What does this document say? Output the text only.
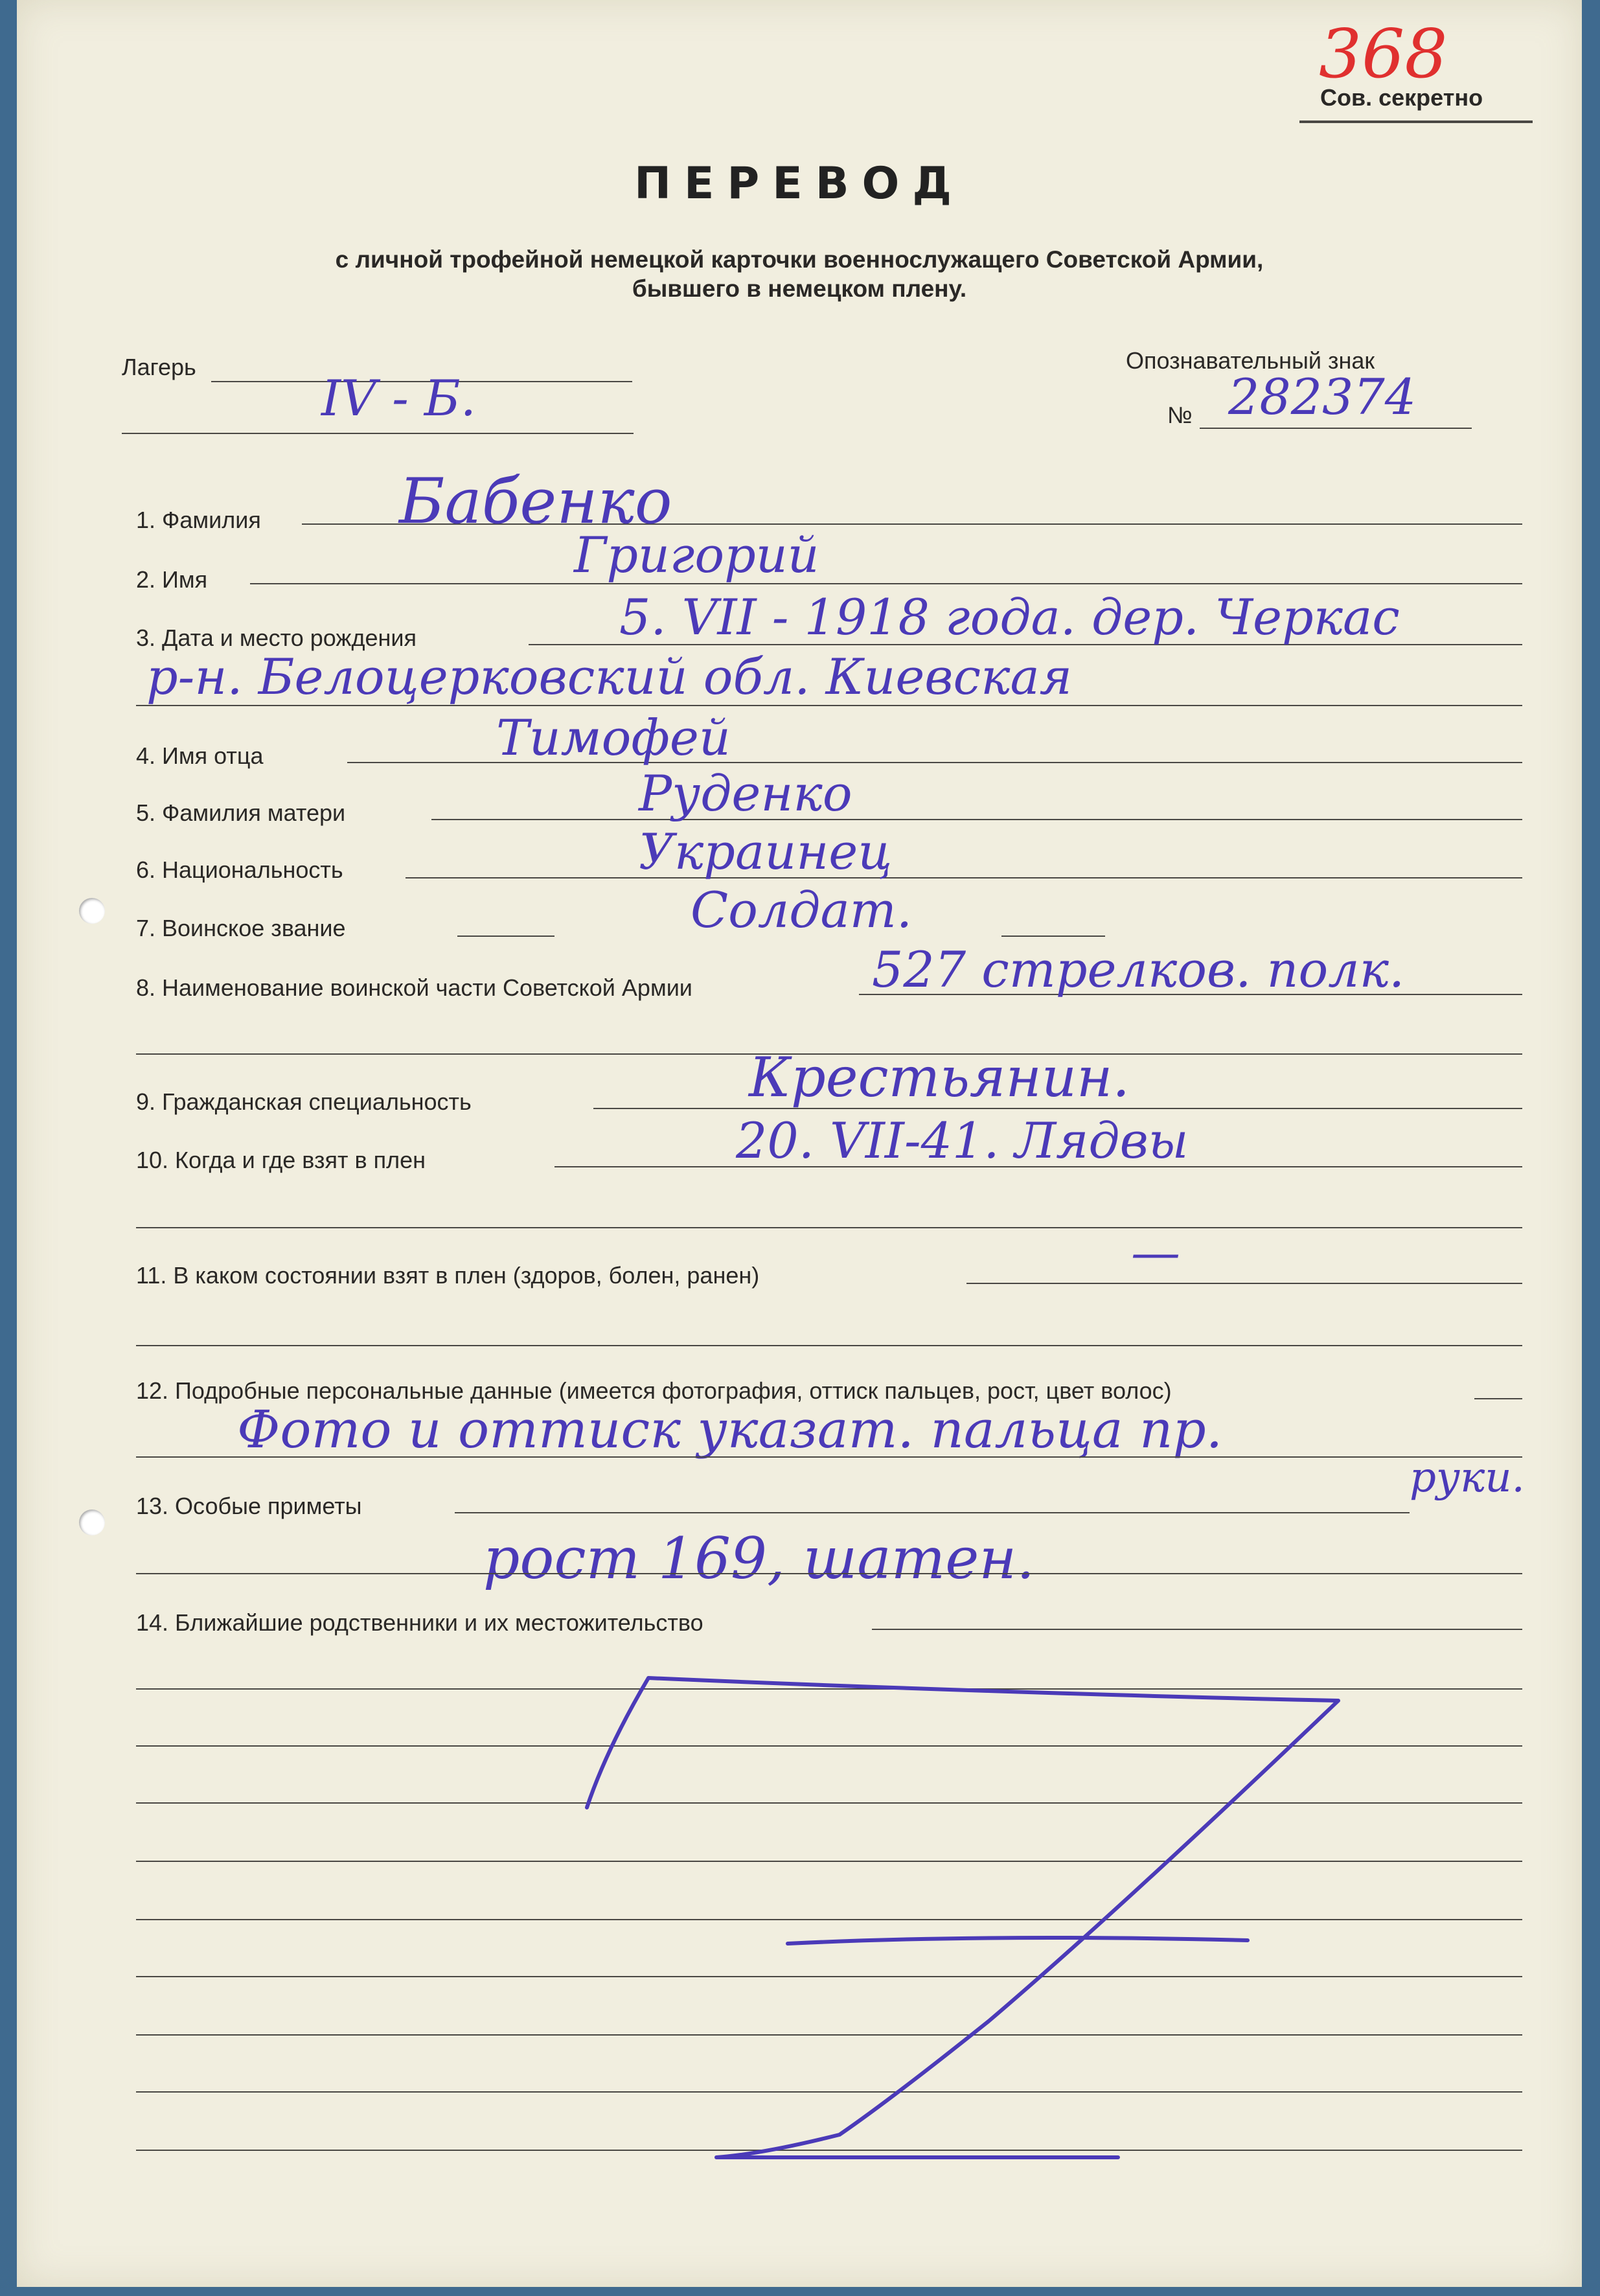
368
Сов. секретно
ПЕРЕВОД
с личной трофейной немецкой карточки военнослужащего Советской Армии,
бывшего в немецком плену.
Лагерь
IV - Б.
Опознавательный знак
№ 282374
1. Фамилия Бабенко
2. Имя	Григорий
3. Дата и место рождения	5. VII - 1918 года. дер. Черкас
р-н. Белоцерковский обл. Киевская
4. Имя отца	Тимофей
5. Фамилия матери	Руденко
6. Национальность	Украинец
7. Воинское звание	Солдат.
8. Наименование воинской части Советской Армии	527 стрелков. полк.
9. Гражданская специальность	Крестьянин.
10. Когда и где взят в плен	20. VII-41. Лядвы
11. В каком состоянии взят в плен (здоров, болен, ранен)	—
12. Подробные персональные данные (имеется фотография, оттиск пальцев, рост, цвет волос)
Фото и оттиск указат. пальца пр.
руки.
13. Особые приметы
рост 169, шатен.
14. Ближайшие родственники и их местожительство
